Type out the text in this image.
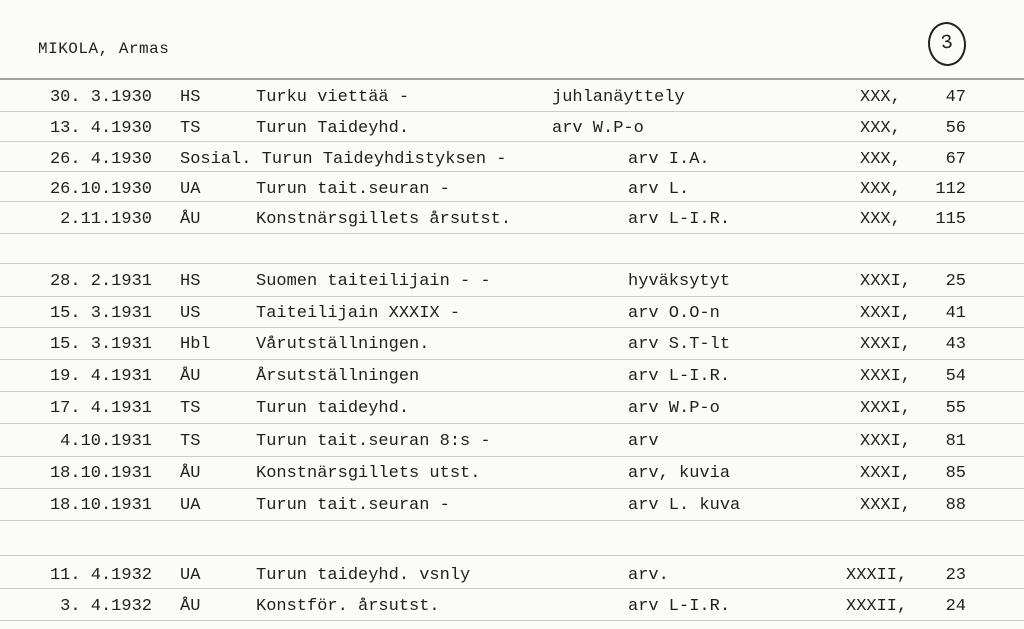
MIKOLA, Armas	3
30. 3.1930 HS	Turku viettää -	juhlanäyttely	XXX,	47
13. 4.1930 TS	Turun Taideyhd.	arv W.P-o	XXX,	56
26. 4.1930 Sosial. Turun Taideyhdistyksen -	arv I.A.	XXX,	67
26.10.1930 UA	Turun tait.seuran -	arv L.	XXX,	112
2.11.1930 ÅU	Konstnärsgillets årsutst.	arv L-I.R.	XXX,	115
28. 2.1931 HS	Suomen taiteilijain - -	hyväksytyt	XXXI,	25
15. 3.1931 US	Taiteilijain XXXIX -	arv O.O-n	XXXI,	41
15. 3.1931 Hbl	Vårutställningen.	arv S.T-lt	XXXI,	43
19. 4.1931 ÅU	Årsutställningen	arv L-I.R.	XXXI,	54
17. 4.1931 TS	Turun taideyhd.	arv W.P-o	XXXI,	55
4.10.1931 TS	Turun tait.seuran 8:s -	arv	XXXI,	81
18.10.1931 ÅU	Konstnärsgillets utst.	arv, kuvia	XXXI,	85
18.10.1931 UA	Turun tait.seuran -	arv L. kuva	XXXI,	88
11. 4.1932 UA	Turun taideyhd. vsnly	arv.	XXXII,	23
3. 4.1932 ÅU	Konstför. årsutst.	arv L-I.R.	XXXII,	24
